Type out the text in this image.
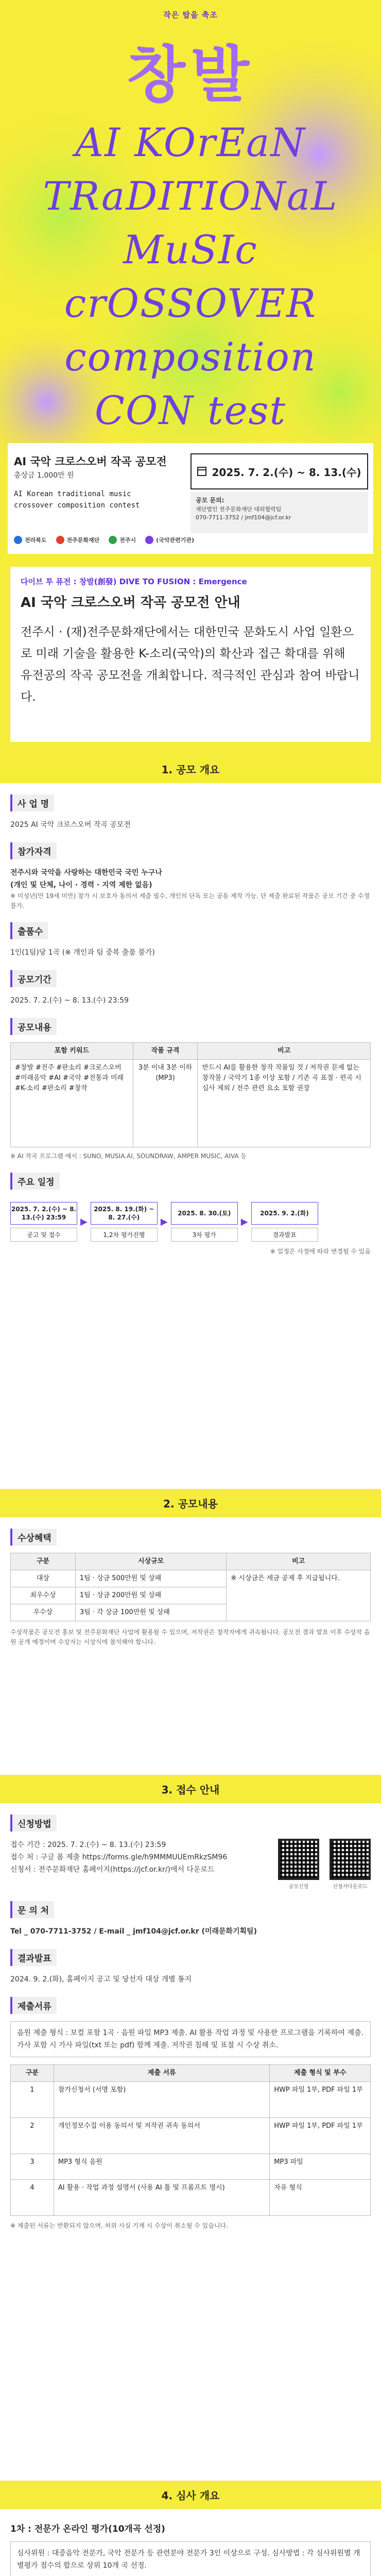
작은 탑을 축조
창발
AI KOrEaN
TRaDITIONaL MuSIc
crOSSOVER
composition
CON test
AI 국악 크로스오버 작곡 공모전
총상금 1,000만 원
AI Korean traditional music
crossover composition contest
2025. 7. 2.(수) ~ 8. 13.(수)
공모 문의:
재단법인 전주문화재단 대외협력팀
070-7711-3752 / jmf104@jcf.or.kr
전라북도	전주문화재단	전주시	(국악관련기관)
다이브 투 퓨전 : 창발(創發) DIVE TO FUSION : Emergence
AI 국악 크로스오버 작곡 공모전 안내
전주시 · (재)전주문화재단에서는 대한민국 문화도시 사업 일환으로 미래 기술을 활용한 K-소리(국악)의 확산과 접근 확대를 위해 유전공의 작곡 공모전을 개최합니다. 적극적인 관심과 참여 바랍니다.
1. 공모 개요
사 업 명
2025 AI 국악 크로스오버 작곡 공모전
참가자격
전주시와 국악을 사랑하는 대한민국 국민 누구나
(개인 및 단체, 나이 · 경력 · 지역 제한 없음)
※ 미성년(만 19세 미만) 참가 시 보호자 동의서 제출 필수, 개인의 단독 또는 공동 제작 가능. 단 제출 완료된 작품은 공모 기간 중 수정 불가.
출품수
1인(1팀)당 1곡 (※ 개인과 팀 중복 출품 불가)
공모기간
2025. 7. 2.(수) ~ 8. 13.(수) 23:59
공모내용
포함 키워드	작품 규격	비고
#창발 #전주 #판소리 #크로스오버 #미래음악 #AI #국악 #전통과 미래 #K-소리 #판소리 #창작	3분 이내 3분 이하 (MP3)	반드시 AI를 활용한 창작 작품일 것 / 저작권 문제 없는 창작물 / 국악기 1종 이상 포함 / 기존 곡 표절 · 편곡 시 심사 제외 / 전주 관련 요소 포함 권장
※ AI 작곡 프로그램 예시 : SUNO, MUSIA.AI, SOUNDRAW, AMPER MUSIC, AIVA 등
주요 일정
2025. 7. 2.(수) ~ 8. 13.(수) 23:59
공고 및 접수
▶
2025. 8. 19.(화) ~ 8. 27.(수)
1,2차 평가진행
▶
2025. 8. 30.(토)
3차 평가
▶
2025. 9. 2.(화)
결과발표
※ 일정은 사정에 따라 변경될 수 있음
2. 공모내용
수상혜택
구분	시상규모	비고
대상	1팀 · 상금 500만원 및 상패	※ 시상금은 세금 공제 후 지급됩니다.
최우수상	1팀 · 상금 200만원 및 상패	
우수상	3팀 · 각 상금 100만원 및 상패	
수상작품은 공모전 홍보 및 전주문화재단 사업에 활용될 수 있으며, 저작권은 창작자에게 귀속됩니다. 공모전 결과 발표 이후 수상작 음원 공개 예정이며 수상자는 시상식에 참석해야 합니다.
3. 접수 안내
신청방법
접수 기간 : 2025. 7. 2.(수) ~ 8. 13.(수) 23:59
접수 처 : 구글 폼 제출 https://forms.gle/h9MMMUUEmRkzSM96
신청서 : 전주문화재단 홈페이지(https://jcf.or.kr/)에서 다운로드
공모신청	신청서다운로드
문 의 처
Tel _ 070-7711-3752 / E-mail _ jmf104@jcf.or.kr (미래문화기획팀)
결과발표
2024. 9. 2.(화), 홈페이지 공고 및 당선자 대상 개별 통지
제출서류
음원 제출 형식 : 보컬 포함 1곡 · 음원 파일 MP3 제출. AI 활용 작업 과정 및 사용한 프로그램을 기록하여 제출. 가사 포함 시 가사 파일(txt 또는 pdf) 함께 제출. 저작권 침해 및 표절 시 수상 취소.
구분	제출 서류	제출 형식 및 부수
1	참가신청서 (서명 포함)	HWP 파일 1부, PDF 파일 1부
2	개인정보수집 이용 동의서 및 저작권 귀속 동의서	HWP 파일 1부, PDF 파일 1부
3	MP3 형식 음원	MP3 파일
4	AI 활용 · 작업 과정 설명서 (사용 AI 툴 및 프롬프트 명시)	자유 형식
※ 제출된 서류는 반환되지 않으며, 허위 사실 기재 시 수상이 취소될 수 있습니다.
4. 심사 개요
1차 : 전문가 온라인 평가(10개곡 선정)
심사위원 : 대중음악 전문가, 국악 전문가 등 관련분야 전문가 3인 이상으로 구성. 심사방법 : 각 심사위원별 개별평가 점수의 합으로 상위 10개 곡 선정.
